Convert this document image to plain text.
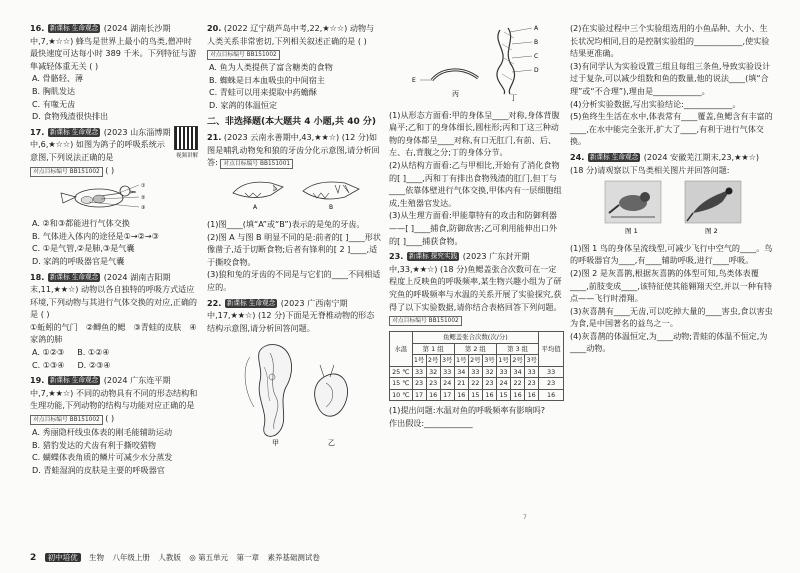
16. 新课标 生命观念 (2024 湖南长沙期中,7,★☆☆) 蜂鸟是世界上最小的鸟类,僧冲时最快速度可达每小时 389 千米。下列特征与游隼减轻体重无关 ( )
A. 骨骼轻、薄
B. 胸肌发达
C. 有喙无齿
D. 食物残渣很快排出
17. 新课标 生命观念 (2023 山东淄博期中,6,★☆☆) 如图为鸽子的呼吸系统示意图,下列说法正确的是	视频讲解
对点目标编号 BB151002 ( )
①
②
③
A. ②和③都能进行气体交换
B. 气体进入体内的途径是①→②→③
C. ①是气管,②是肺,③是气囊
D. 家鸽的呼吸器官是气囊
18. 新课标 生命观念 (2024 湖南吉阳期末,11,★★☆) 动物以各自独特的呼吸方式适应环境,下列动物与其进行气体交换的对应,正确的是 ( )
①蚯蚓的气门　②鲫鱼的鳃　③青蛙的皮肤　④家鸽的肺
A. ①②③ B. ①②④
C. ①③④ D. ②③④
19. 新课标 生命观念 (2024 广东连平期中,7,★★☆) 不同的动物具有不同的形态结构和生理功能,下列动物的结构与功能对应正确的是 对点目标编号 BB151002 ( )
A. 秀丽隐杆线虫体表的刚毛能辅助运动
B. 猎豹发达的犬齿有利于撕咬猎物
C. 蝴蝶体表角质的鳞片可减少水分蒸发
D. 青蛙湿润的皮肤是主要的呼吸器官
20. (2022 辽宁葫芦岛中考,22,★☆☆) 动物与人类关系非常密切,下列相关叙述正确的是 ( ) 对点目标编号 BB151002
A. 鱼为人类提供了富含糖类的食物
B. 蜘蛛是日本血吸虫的中间宿主
C. 青蛙可以用来提取中药蟾酥
D. 家鸽的体温恒定
二、非选择题(本大题共 4 小题,共 40 分)
21. (2023 云南永善期中,43,★★☆) (12 分)如图是哺乳动物兔和狼的牙齿分化示意图,请分析回答: 对点目标编号 BB151001
A	B
(1)图____(填“A”或“B”)表示的是兔的牙齿。
(2)图 A 与图 B 明显不同的是:前者的[ ]____形状像凿子,适于切断食物;后者有锋利的[ 2 ]____,适于撕咬食物。
(3)狼和兔的牙齿的不同是与它们的____不同相适应的。
22. 新课标 生命观念 (2023 广西南宁期中,17,★★☆) (12 分)下面是无脊椎动物的形态结构示意图,请分析回答问题。
甲	乙
丙
A
B
C
D
E
丁
(1)从形态方面看:甲的身体呈____对称,身体背腹扁平;乙和丁的身体细长,圆柱形;丙和丁这三种动物的身体都呈____对称,有口无肛门,有前、后、左、右,背腹之分;丁的身体分节。
(2)从结构方面看:乙与甲相比,开始有了消化食物的[ ]____,丙和丁有排出食物残渣的肛门,但丁与____依靠体壁进行气体交换,甲体内有一层细胞组成,生殖器官发达。
(3)从生理方面看:甲能靠特有的攻击和防御利器——[ ]____捕食,防御敌害;乙可利用能伸出口外的[ ]____捕获食物。
23. 新课标 探究实践 (2023 广东封开期中,33,★★☆) (18 分)鱼鳃盖张合次数可在一定程度上反映鱼的呼吸频率,某生物兴趣小组为了研究鱼的呼吸频率与水温的关系开展了实验探究,获得了以下实验数据,请你结合表格回答下列问题。 对点目标编号 BB151002
水温	鱼鳃盖张合次数(次/分)									平均值
	第 1 组			第 2 组			第 3 组			
	1号	2号	3号	1号	2号	3号	1号	2号	3号	
25 ℃	33	32	33	34	33	32	33	34	33	33
15 ℃	23	23	24	21	22	23	24	22	23	23
10 ℃	17	16	17	16	15	16	15	16	16	16
(1)提出问题:水温对鱼的呼吸频率有影响吗?
作出假设:____________
(2)在实验过程中三个实验组选用的小鱼品种、大小、生长状况均相同,目的是控制实验组的____________,使实验结果更准确。
(3)有同学认为实验设置三组且每组三条鱼,导致实验设计过于复杂,可以减少组数和鱼的数量,他的说法____(填“合理”或“不合理”),理由是____________。
(4)分析实验数据,写出实验结论:____________。
(5)鱼终生生活在水中,体表常有____覆盖,鱼鳃含有丰富的____,在水中能完全张开,扩大了____,有利于进行气体交换。
24. 新课标 生命观念 (2024 安徽芜江期末,23,★★☆) (18 分)请观察以下鸟类相关图片并回答问题:
图 1	图 2
(1)图 1 鸟的身体呈流线型,可减少飞行中空气的____。鸟的呼吸器官为____,有____辅助呼吸,进行____呼吸。
(2)图 2 是灰喜鹊,根据灰喜鹊的体型可知,鸟类体表覆____,前肢变成____,该特征使其能翱翔天空,并以一种有特点——飞行时滑翔。
(3)灰喜鹊有____无齿,可以吃掉大量的____害虫,食以害虫为食,是中国著名的益鸟之一。
(4)灰喜鹊的体温恒定,为____动物;青蛙的体温不恒定,为____动物。
7
2 初中培优 生物 八年级上册 人教版 ◎ 第五单元 第一章 素养基础测试卷
